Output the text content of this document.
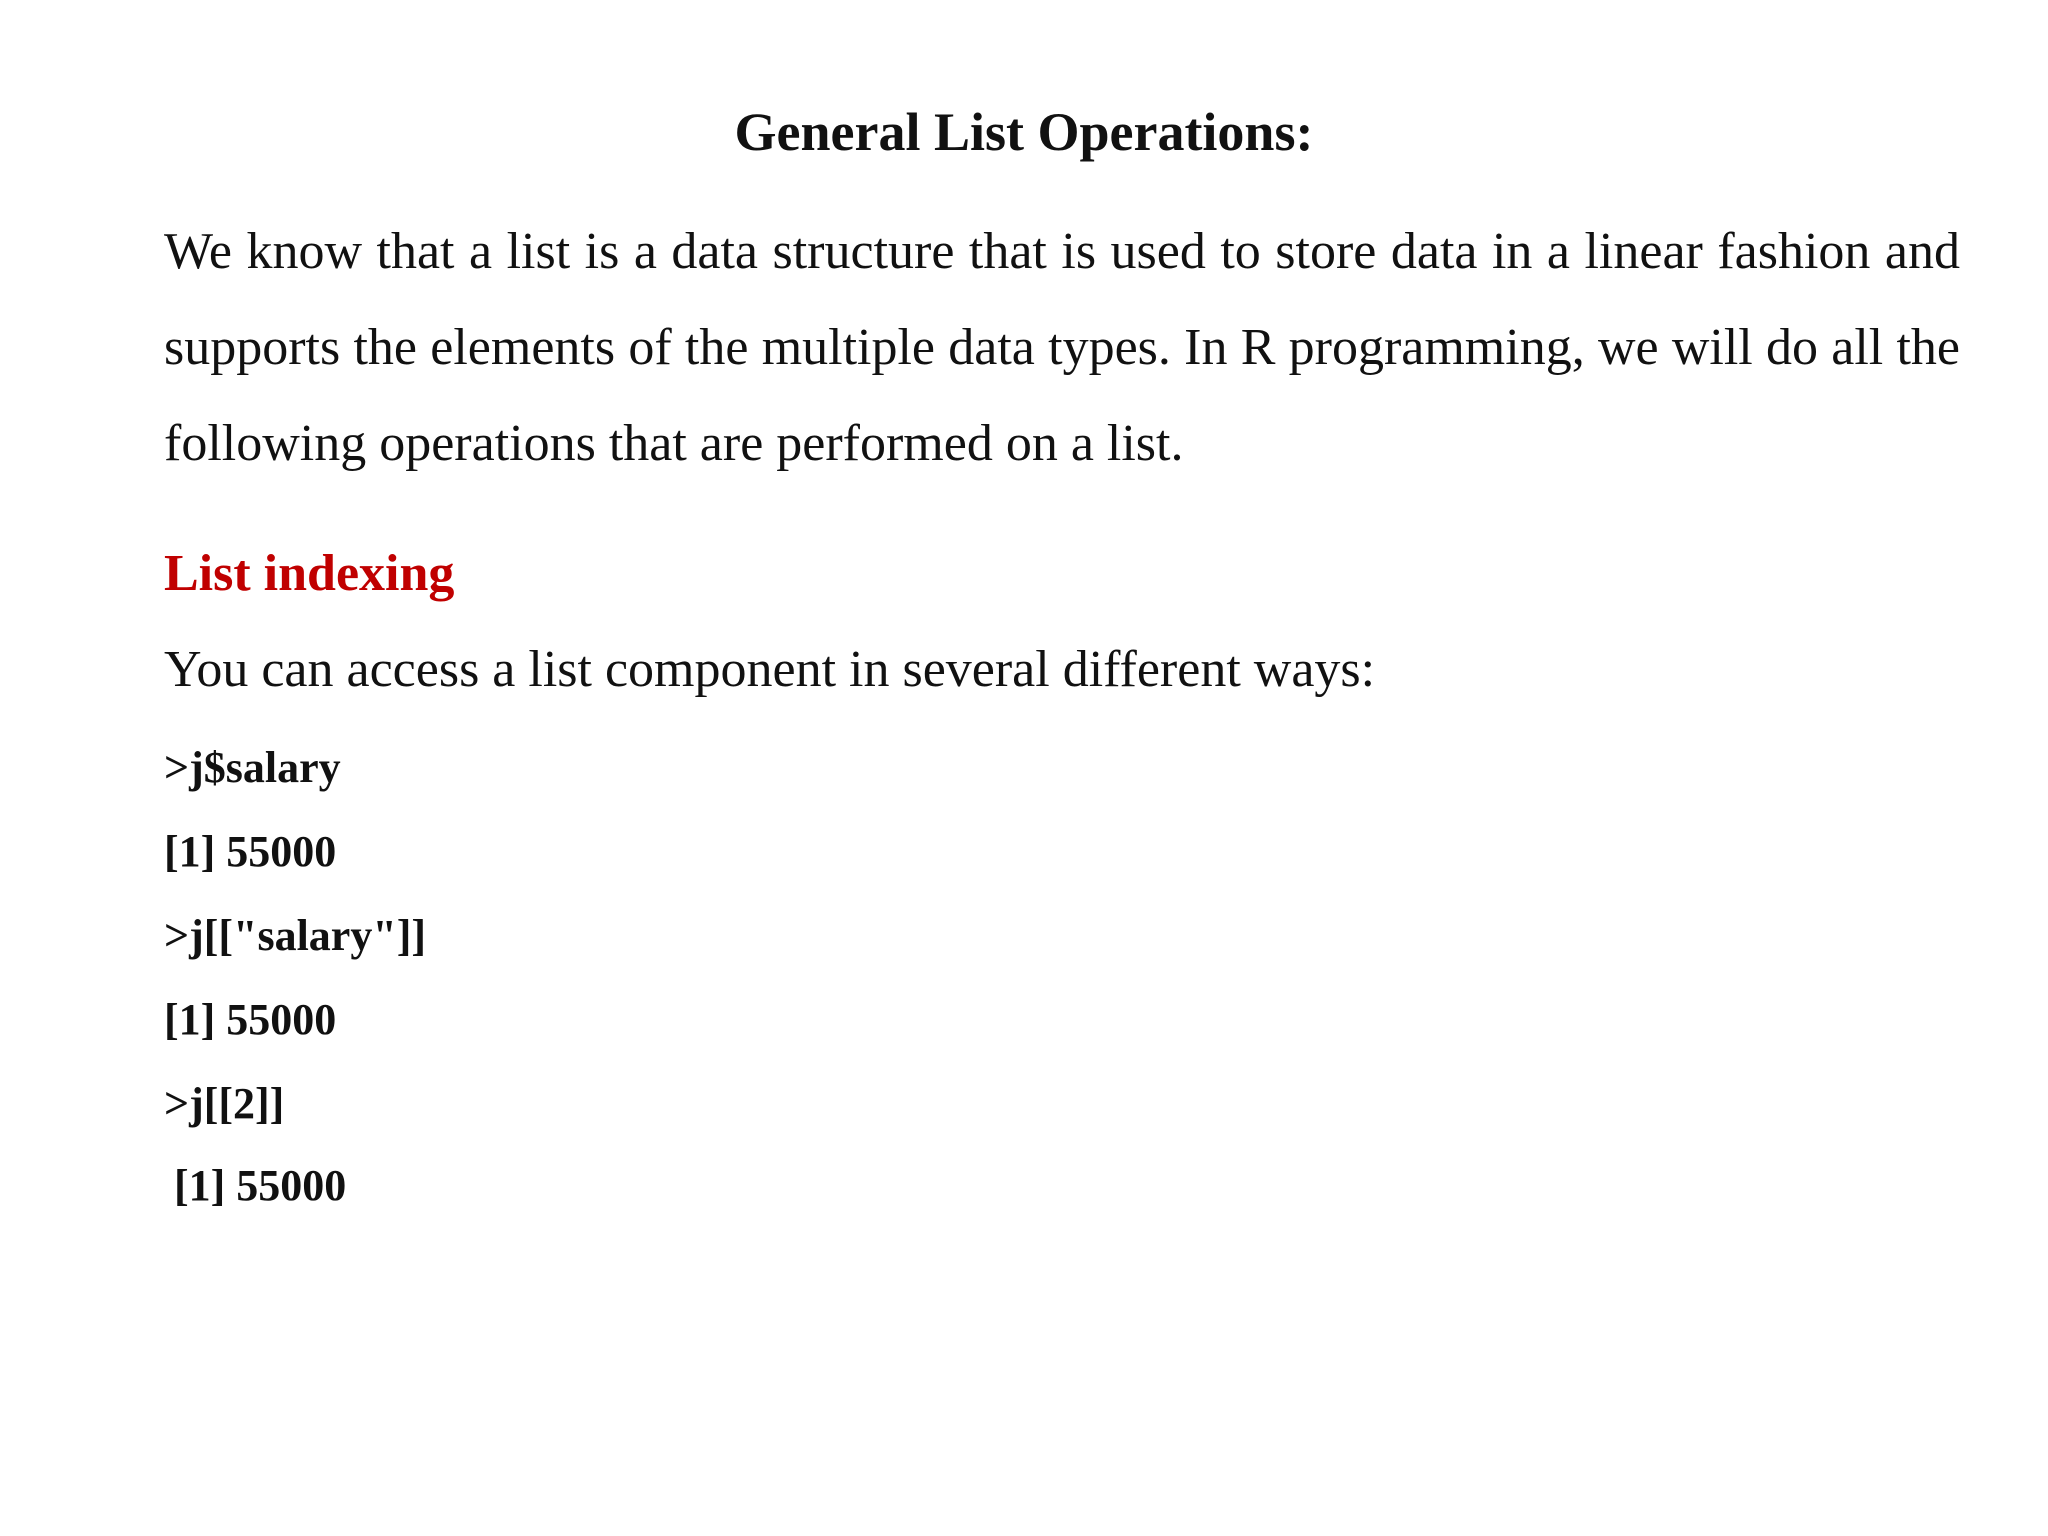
General List Operations:
We know that a list is a data structure that is used to store data in a linear fashion and
supports the elements of the multiple data types. In R programming, we will do all the
following operations that are performed on a list.
List indexing
You can access a list component in several different ways:
>j$salary
[1] 55000
>j[["salary"]]
[1] 55000
>j[[2]]
[1] 55000
